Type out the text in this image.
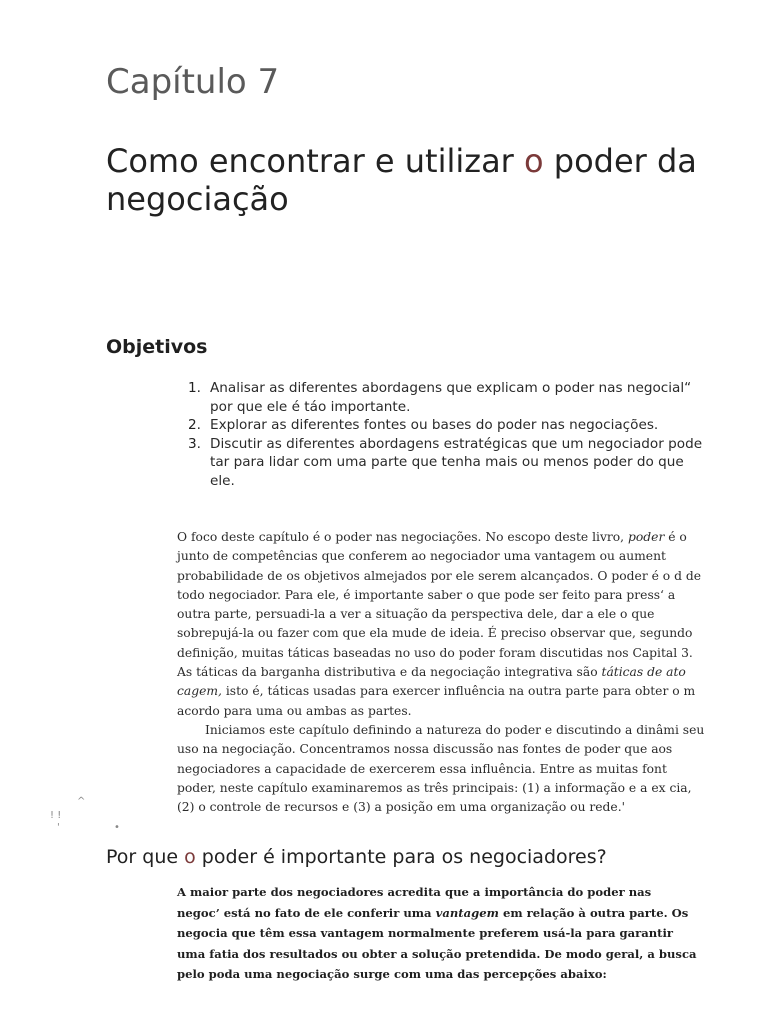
Capítulo 7
Como encontrar e utilizar o poder da negociação
Objetivos
1. Analisar as diferentes abordagens que explicam o poder nas negocial“ por que ele é táo importante.
2. Explorar as diferentes fontes ou bases do poder nas negociações.
3. Discutir as diferentes abordagens estratégicas que um negociador pode tar para lidar com uma parte que tenha mais ou menos poder do que ele.

O foco deste capítulo é o poder nas negociações. No escopo deste livro, poder é o junto de competências que conferem ao negociador uma vantagem ou aument probabilidade de os objetivos almejados por ele serem alcançados. O poder é o d de todo negociador. Para ele, é importante saber o que pode ser feito para press‘ a outra parte, persuadi-la a ver a situação da perspectiva dele, dar a ele o que sobrepujá-la ou fazer com que ela mude de ideia. É preciso observar que, segundo definição, muitas táticas baseadas no uso do poder foram discutidas nos Capital 3. As táticas da barganha distributiva e da negociação integrativa são táticas de ato cagem, isto é, táticas usadas para exercer influência na outra parte para obter o m acordo para uma ou ambas as partes.

Iniciamos este capítulo definindo a natureza do poder e discutindo a dinâmi seu uso na negociação. Concentramos nossa discussão nas fontes de poder que aos negociadores a capacidade de exercerem essa influência. Entre as muitas font poder, neste capítulo examinaremos as três principais: (1) a informação e a ex cia, (2) o controle de recursos e (3) a posição em uma organização ou rede.'

^
! !
'	•
Por que o poder é importante para os negociadores?

A maior parte dos negociadores acredita que a importância do poder nas negoc’ está no fato de ele conferir uma vantagem em relação à outra parte. Os negocia que têm essa vantagem normalmente preferem usá-la para garantir uma fatia dos resultados ou obter a solução pretendida. De modo geral, a busca pelo poda uma negociação surge com uma das percepções abaixo:
